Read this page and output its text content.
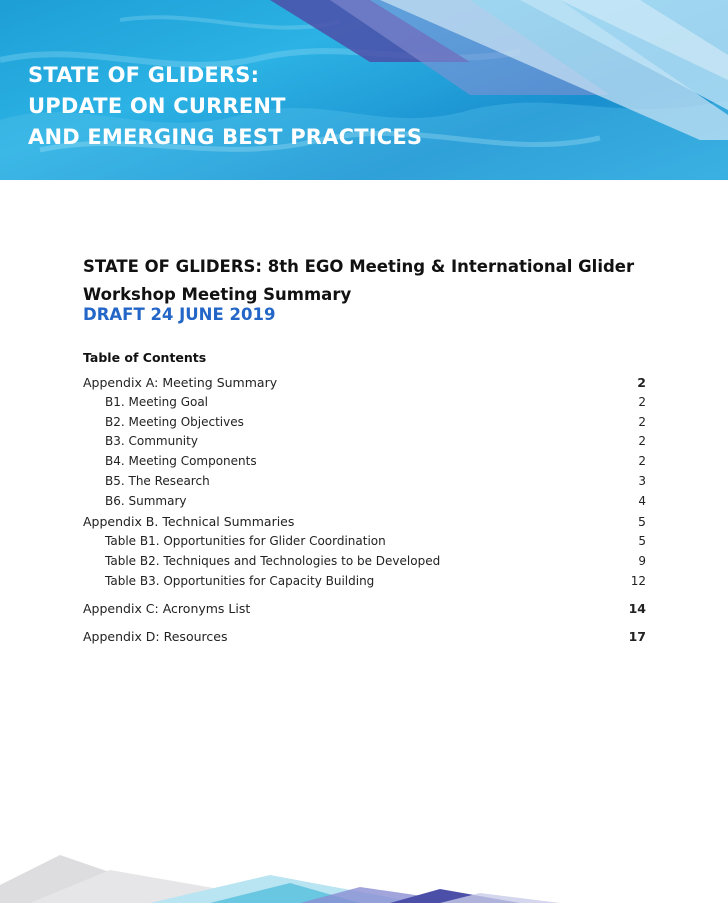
STATE OF GLIDERS:
UPDATE ON CURRENT
AND EMERGING BEST PRACTICES
STATE OF GLIDERS: 8th EGO Meeting & International Glider
Workshop Meeting Summary

DRAFT 24 JUNE 2019

Table of Contents

Appendix A: Meeting Summary	2
B1. Meeting Goal	2
B2. Meeting Objectives	2
B3. Community	2
B4. Meeting Components	2
B5. The Research	3
B6. Summary	4
Appendix B. Technical Summaries	5
Table B1. Opportunities for Glider Coordination	5
Table B2. Techniques and Technologies to be Developed	9
Table B3. Opportunities for Capacity Building	12
Appendix C: Acronyms List	14
Appendix D: Resources	17
